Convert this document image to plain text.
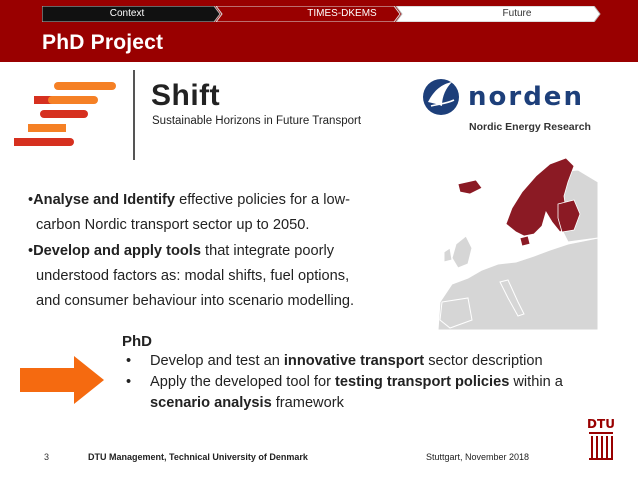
Context	TIMES-DKEMS	Future
PhD Project
Shift
Sustainable Horizons in Future Transport
norden
Nordic Energy Research

•Analyse and Identify effective policies for a low-
carbon Nordic transport sector up to 2050.

•Develop and apply tools that integrate poorly
understood factors as: modal shifts, fuel options,
and consumer behaviour into scenario modelling.

PhD
• Develop and test an innovative transport sector description
• Apply the developed tool for testing transport policies within a scenario analysis framework
3	DTU Management, Technical University of Denmark	Stuttgart, November 2018
DTU
